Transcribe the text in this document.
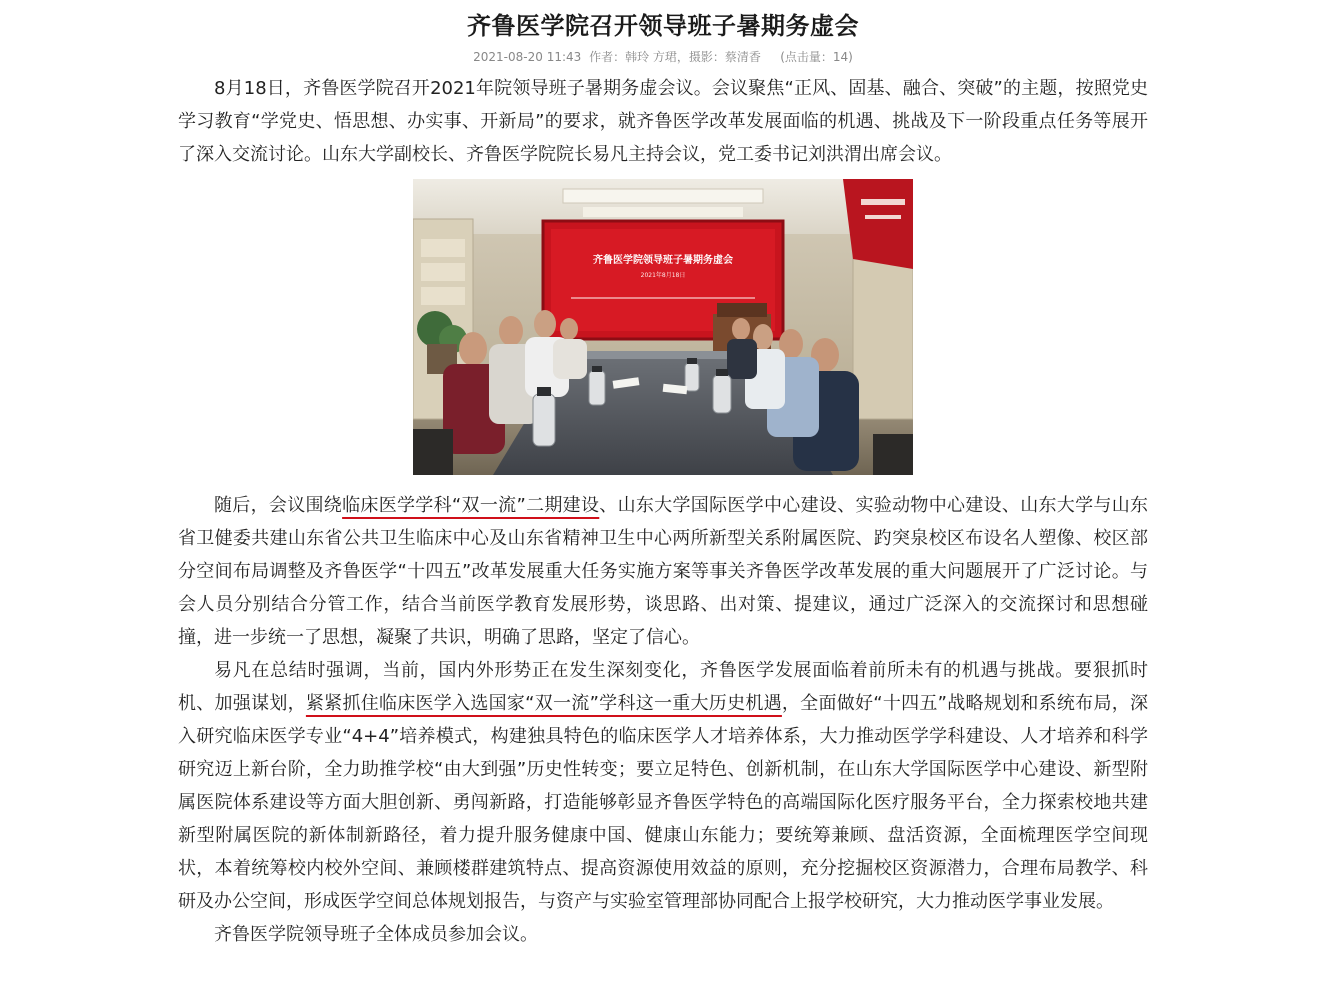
齐鲁医学院召开领导班子暑期务虚会
2021-08-20 11:43 作者：韩玲 方珺，摄影：蔡清香 (点击量：14)

8月18日，齐鲁医学院召开2021年院领导班子暑期务虚会议。会议聚焦“正风、固基、融合、突破”的主题，按照党史学习教育“学党史、悟思想、办实事、开新局”的要求，就齐鲁医学改革发展面临的机遇、挑战及下一阶段重点任务等展开了深入交流讨论。山东大学副校长、齐鲁医学院院长易凡主持会议，党工委书记刘洪渭出席会议。

齐鲁医学院领导班子暑期务虚会
2021年8月18日

随后，会议围绕临床医学学科“双一流”二期建设、山东大学国际医学中心建设、实验动物中心建设、山东大学与山东省卫健委共建山东省公共卫生临床中心及山东省精神卫生中心两所新型关系附属医院、趵突泉校区布设名人塑像、校区部分空间布局调整及齐鲁医学“十四五”改革发展重大任务实施方案等事关齐鲁医学改革发展的重大问题展开了广泛讨论。与会人员分别结合分管工作，结合当前医学教育发展形势，谈思路、出对策、提建议，通过广泛深入的交流探讨和思想碰撞，进一步统一了思想，凝聚了共识，明确了思路，坚定了信心。

易凡在总结时强调，当前，国内外形势正在发生深刻变化，齐鲁医学发展面临着前所未有的机遇与挑战。要狠抓时机、加强谋划，紧紧抓住临床医学入选国家“双一流”学科这一重大历史机遇，全面做好“十四五”战略规划和系统布局，深入研究临床医学专业“4+4”培养模式，构建独具特色的临床医学人才培养体系，大力推动医学学科建设、人才培养和科学研究迈上新台阶，全力助推学校“由大到强”历史性转变；要立足特色、创新机制，在山东大学国际医学中心建设、新型附属医院体系建设等方面大胆创新、勇闯新路，打造能够彰显齐鲁医学特色的高端国际化医疗服务平台，全力探索校地共建新型附属医院的新体制新路径，着力提升服务健康中国、健康山东能力；要统筹兼顾、盘活资源，全面梳理医学空间现状，本着统筹校内校外空间、兼顾楼群建筑特点、提高资源使用效益的原则，充分挖掘校区资源潜力，合理布局教学、科研及办公空间，形成医学空间总体规划报告，与资产与实验室管理部协同配合上报学校研究，大力推动医学事业发展。

齐鲁医学院领导班子全体成员参加会议。
